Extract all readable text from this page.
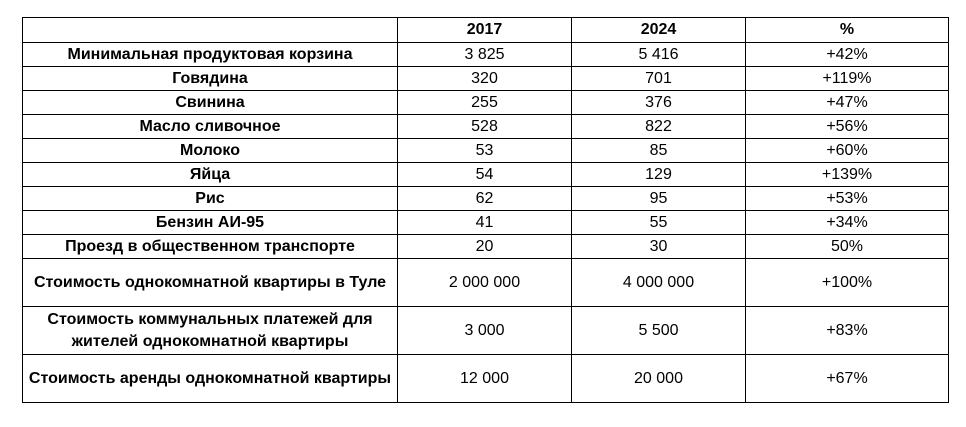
	2017	2024	%
Минимальная продуктовая корзина	3 825	5 416	+42%
Говядина	320	701	+119%
Свинина	255	376	+47%
Масло сливочное	528	822	+56%
Молоко	53	85	+60%
Яйца	54	129	+139%
Рис	62	95	+53%
Бензин АИ-95	41	55	+34%
Проезд в общественном транспорте	20	30	50%
Стоимость однокомнатной квартиры в Туле	2 000 000	4 000 000	+100%
Стоимость коммунальных платежей для жителей однокомнатной квартиры	3 000	5 500	+83%
Стоимость аренды однокомнатной квартиры	12 000	20 000	+67%
